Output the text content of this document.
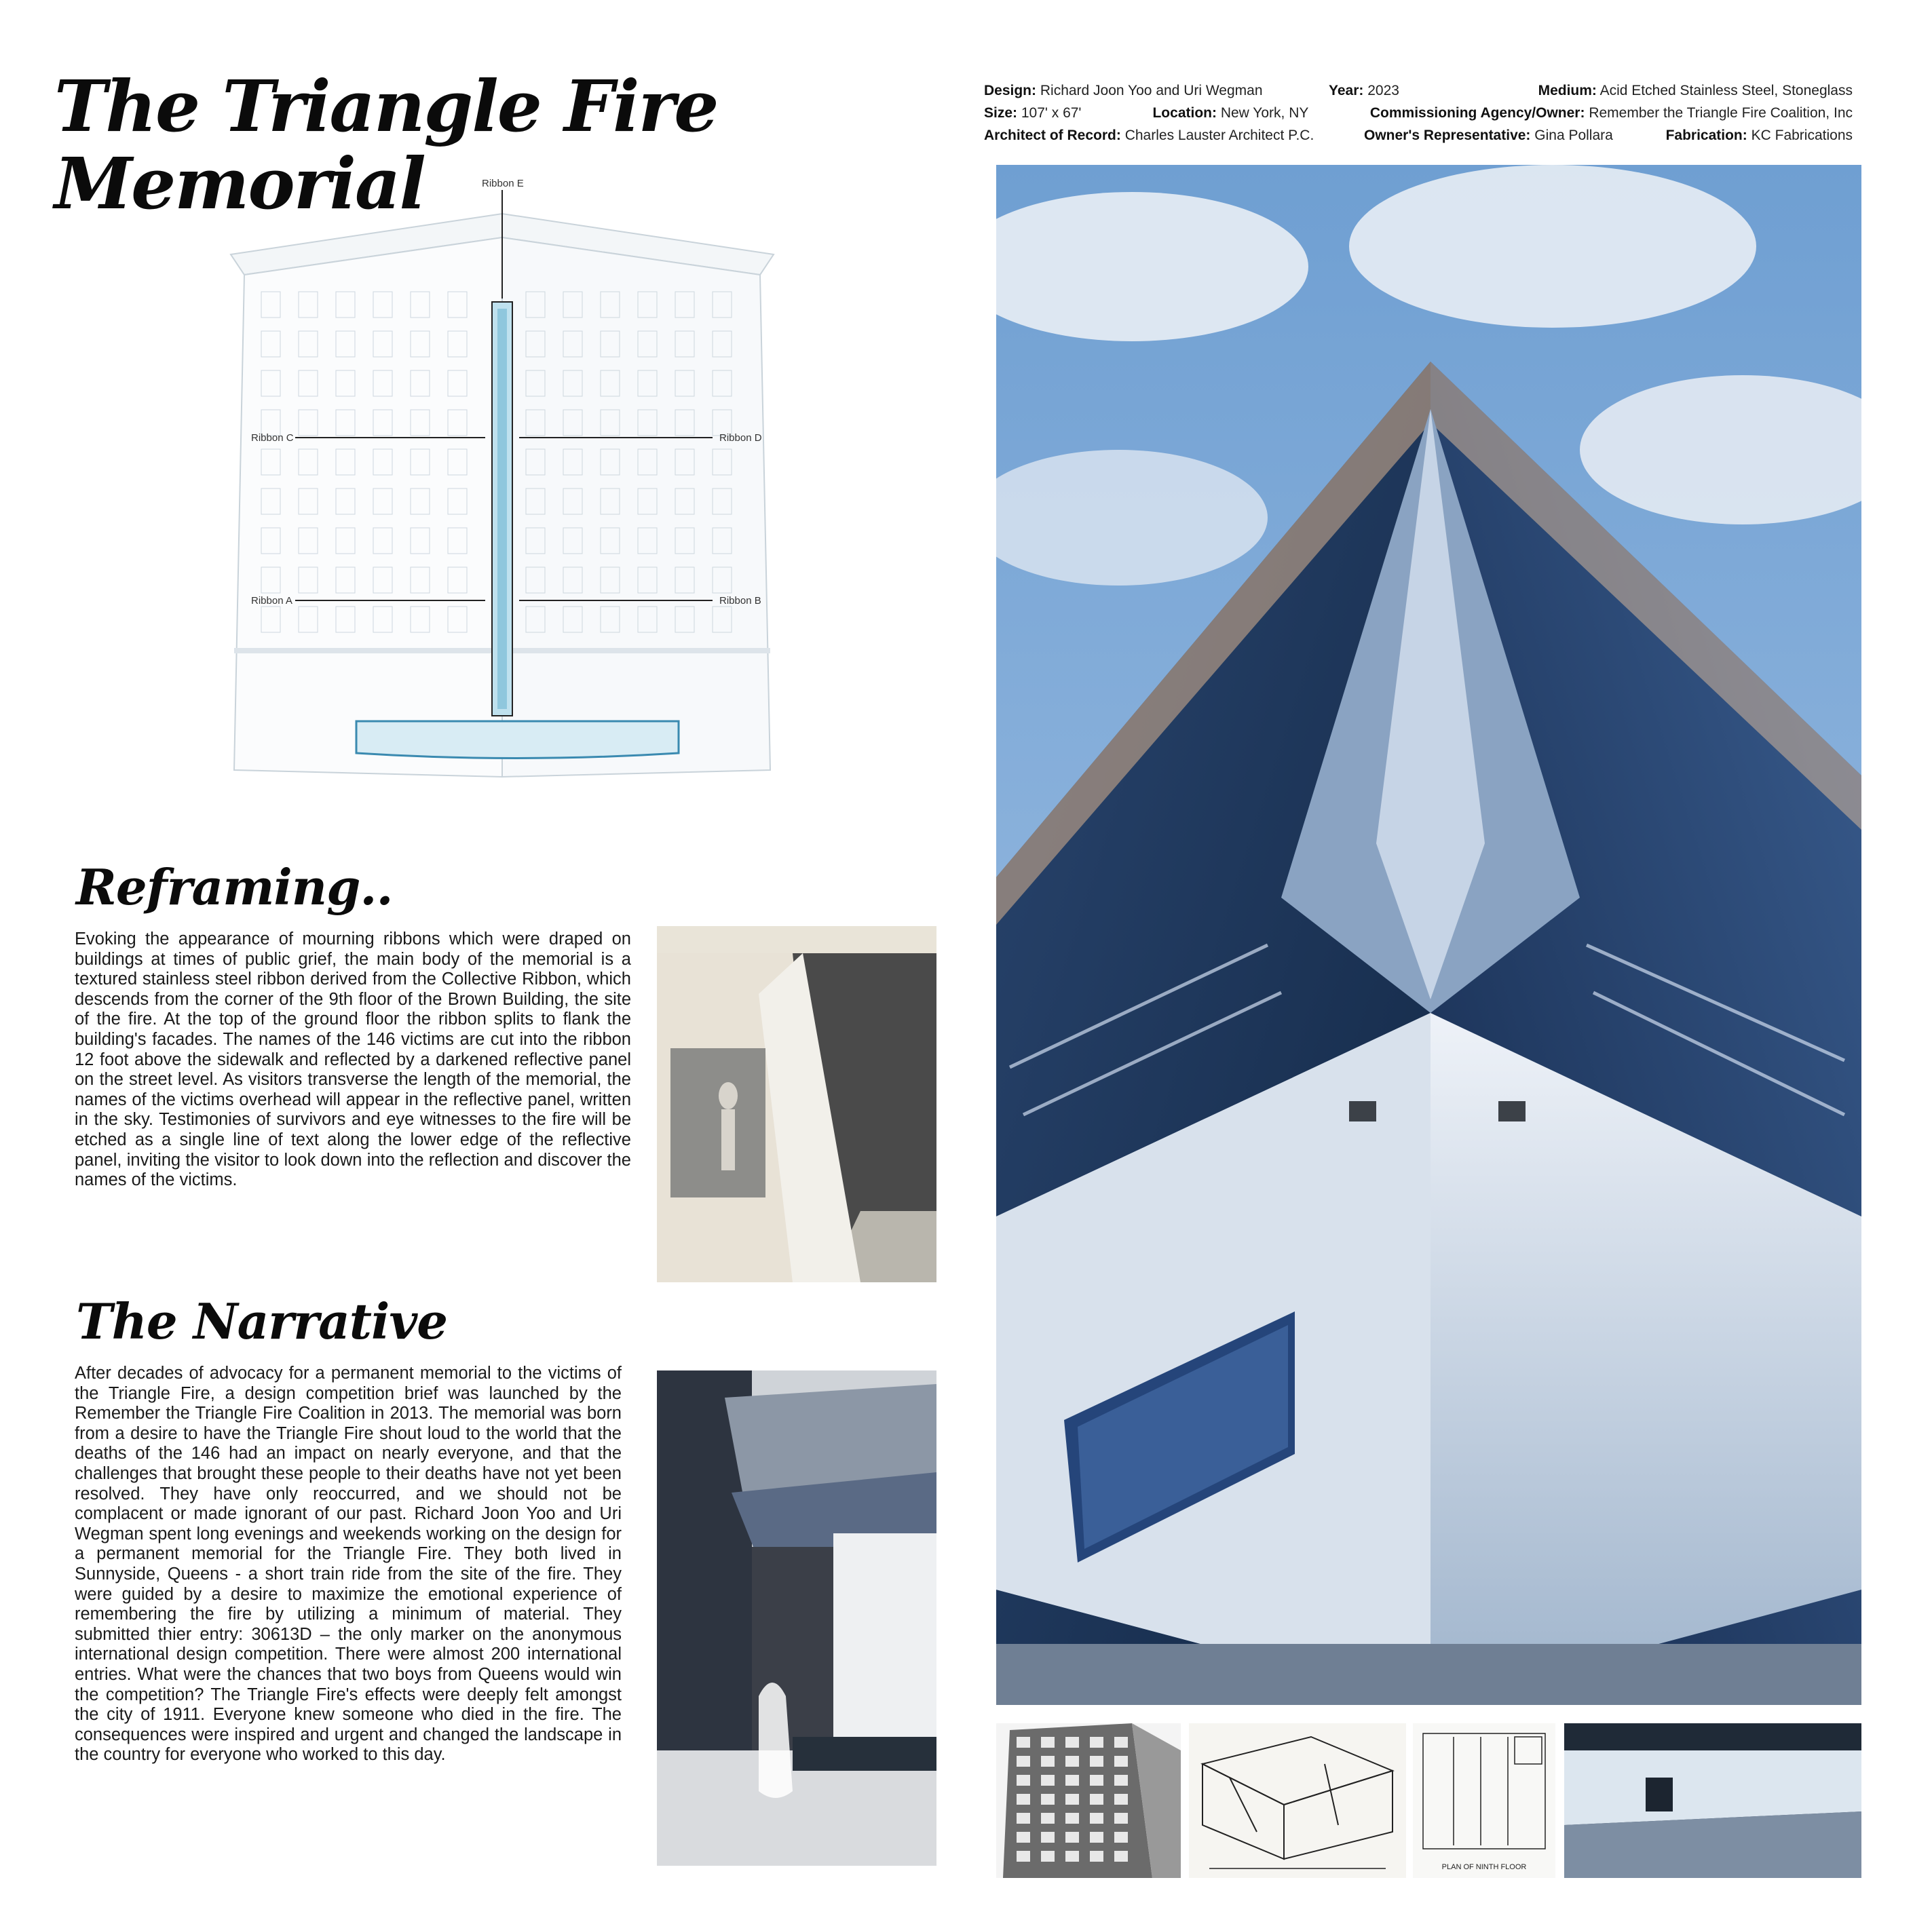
The Triangle Fire Memorial
Design: Richard Joon Yoo and Uri Wegman	Year: 2023	Medium: Acid Etched Stainless Steel, Stoneglass
Size: 107' x 67'	Location: New York, NY	Commissioning Agency/Owner: Remember the Triangle Fire Coalition, Inc
Architect of Record: Charles Lauster Architect P.C.	Owner's Representative: Gina Pollara	Fabrication: KC Fabrications
Ribbon E
Ribbon C	Ribbon D
Ribbon A	Ribbon B
Reframing..

Evoking the appearance of mourning ribbons which were draped on buildings at times of public grief, the main body of the memorial is a textured stainless steel ribbon derived from the Collective Ribbon, which descends from the corner of the 9th floor of the Brown Building, the site of the fire. At the top of the ground floor the ribbon splits to flank the building's facades. The names of the 146 victims are cut into the ribbon 12 foot above the sidewalk and reflected by a darkened reflective panel on the street level. As visitors transverse the length of the memorial, the names of the victims overhead will appear in the reflective panel, written in the sky. Testimonies of survivors and eye witnesses to the fire will be etched as a single line of text along the lower edge of the reflective panel, inviting the visitor to look down into the reflection and discover the names of the victims.

The Narrative

After decades of advocacy for a permanent memorial to the victims of the Triangle Fire, a design competition brief was launched by the Remember the Triangle Fire Coalition in 2013. The memorial was born from a desire to have the Triangle Fire shout loud to the world that the deaths of the 146 had an impact on nearly everyone, and that the challenges that brought these people to their deaths have not yet been resolved. They have only reoccurred, and we should not be complacent or made ignorant of our past. Richard Joon Yoo and Uri Wegman spent long evenings and weekends working on the design for a permanent memorial for the Triangle Fire. They both lived in Sunnyside, Queens - a short train ride from the site of the fire. They were guided by a desire to maximize the emotional experience of remembering the fire by utilizing a minimum of material. They submitted thier entry: 30613D – the only marker on the anonymous international design competition. There were almost 200 international entries. What were the chances that two boys from Queens would win the competition? The Triangle Fire's effects were deeply felt amongst the city of 1911. Everyone knew someone who died in the fire. The consequences were inspired and urgent and changed the landscape in the country for everyone who worked to this day.

PLAN OF NINTH FLOOR
